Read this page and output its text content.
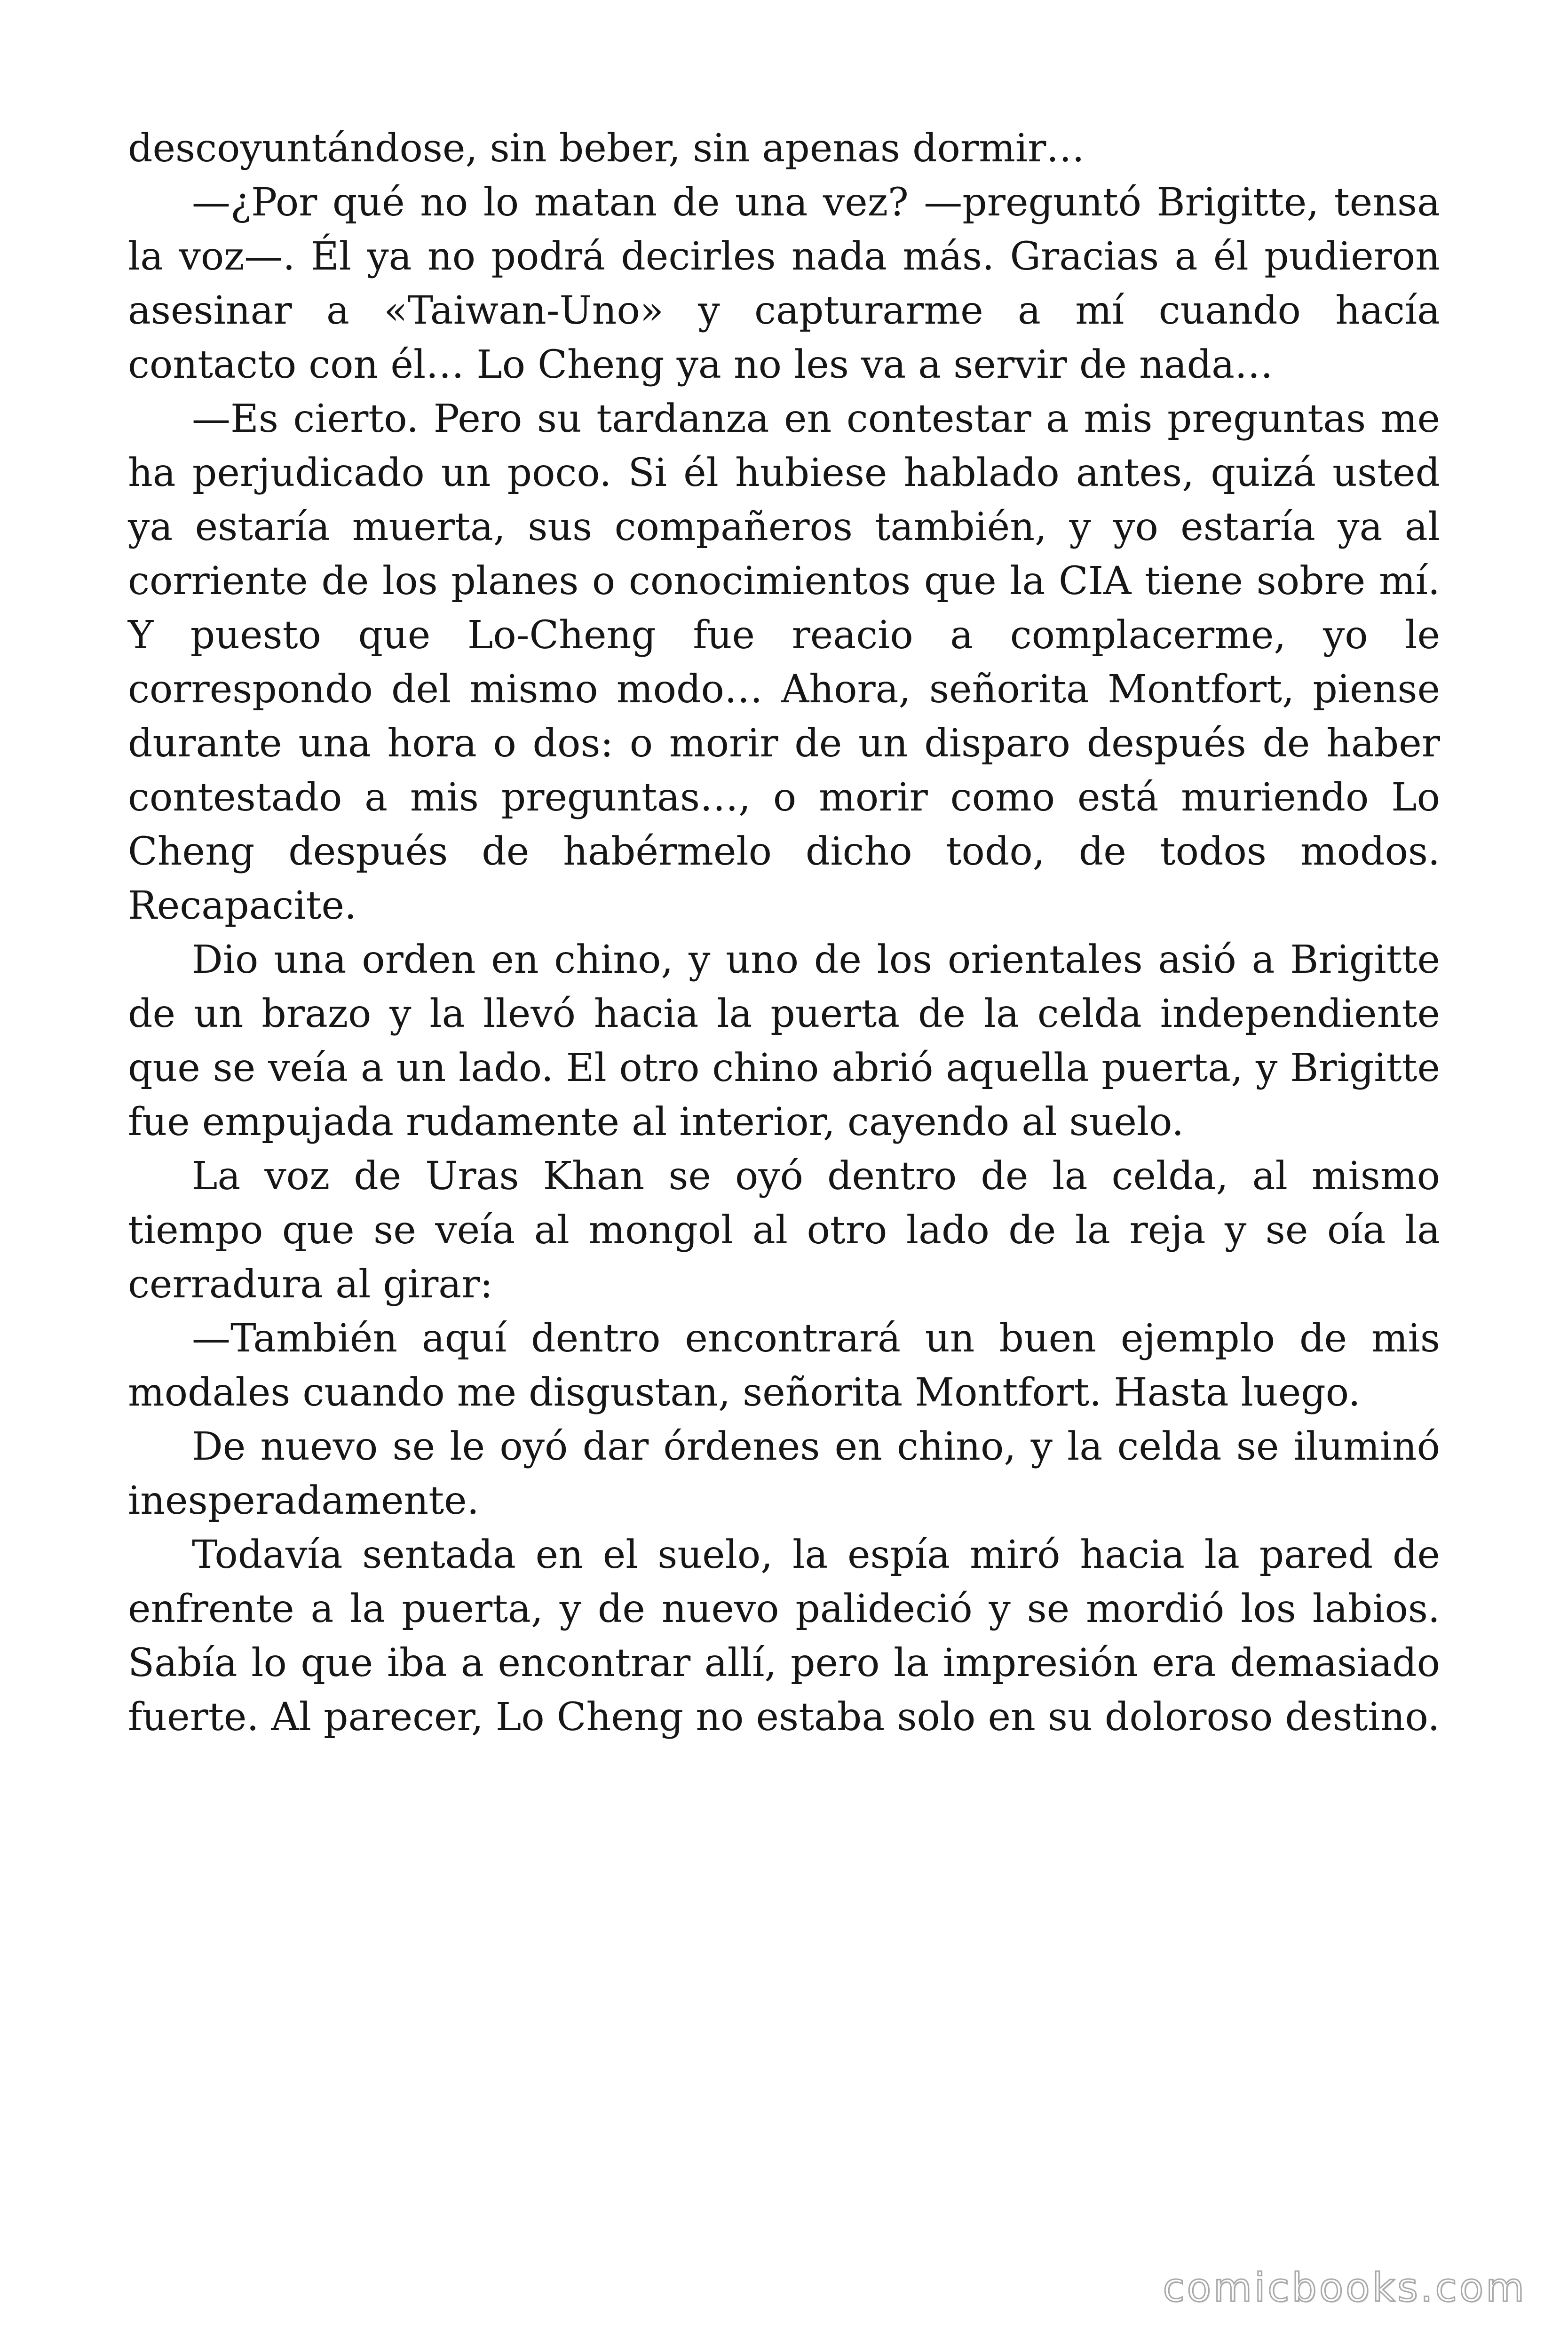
descoyuntándose, sin beber, sin apenas dormir…

—¿Por qué no lo matan de una vez? —preguntó Brigitte, tensa la voz—. Él ya no podrá decirles nada más. Gracias a él pudieron asesinar a «Taiwan-Uno» y capturarme a mí cuando hacía contacto con él… Lo Cheng ya no les va a servir de nada…

—Es cierto. Pero su tardanza en contestar a mis preguntas me ha perjudicado un poco. Si él hubiese hablado antes, quizá usted ya estaría muerta, sus compañeros también, y yo estaría ya al corriente de los planes o conocimientos que la CIA tiene sobre mí. Y puesto que Lo-Cheng fue reacio a complacerme, yo le correspondo del mismo modo… Ahora, señorita Montfort, piense durante una hora o dos: o morir de un disparo después de haber contestado a mis preguntas…, o morir como está muriendo Lo Cheng después de habérmelo dicho todo, de todos modos. Recapacite.

Dio una orden en chino, y uno de los orientales asió a Brigitte de un brazo y la llevó hacia la puerta de la celda independiente que se veía a un lado. El otro chino abrió aquella puerta, y Brigitte fue empujada rudamente al interior, cayendo al suelo.

La voz de Uras Khan se oyó dentro de la celda, al mismo tiempo que se veía al mongol al otro lado de la reja y se oía la cerradura al girar:

—También aquí dentro encontrará un buen ejemplo de mis modales cuando me disgustan, señorita Montfort. Hasta luego.

De nuevo se le oyó dar órdenes en chino, y la celda se iluminó inesperadamente.

Todavía sentada en el suelo, la espía miró hacia la pared de enfrente a la puerta, y de nuevo palideció y se mordió los labios. Sabía lo que iba a encontrar allí, pero la impresión era demasiado fuerte. Al parecer, Lo Cheng no estaba solo en su doloroso destino.

comicbooks.com
